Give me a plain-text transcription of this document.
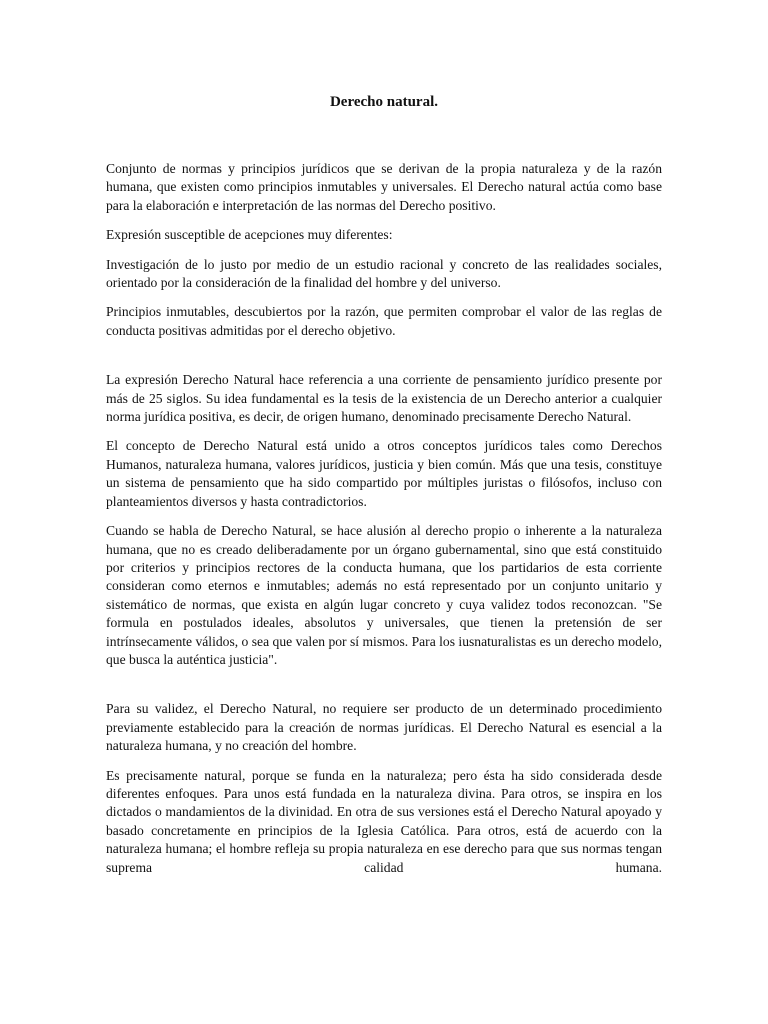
Derecho natural.

Conjunto de normas y principios jurídicos que se derivan de la propia naturaleza y de la razón humana, que existen como principios inmutables y universales. El Derecho natural actúa como base para la elaboración e interpretación de las normas del Derecho positivo.

Expresión susceptible de acepciones muy diferentes:

Investigación de lo justo por medio de un estudio racional y concreto de las realidades sociales, orientado por la consideración de la finalidad del hombre y del universo.

Principios inmutables, descubiertos por la razón, que permiten comprobar el valor de las reglas de conducta positivas admitidas por el derecho objetivo.

La expresión Derecho Natural hace referencia a una corriente de pensamiento jurídico presente por más de 25 siglos. Su idea fundamental es la tesis de la existencia de un Derecho anterior a cualquier norma jurídica positiva, es decir, de origen humano, denominado precisamente Derecho Natural.

El concepto de Derecho Natural está unido a otros conceptos jurídicos tales como Derechos Humanos, naturaleza humana, valores jurídicos, justicia y bien común. Más que una tesis, constituye un sistema de pensamiento que ha sido compartido por múltiples juristas o filósofos, incluso con planteamientos diversos y hasta contradictorios.

Cuando se habla de Derecho Natural, se hace alusión al derecho propio o inherente a la naturaleza humana, que no es creado deliberadamente por un órgano gubernamental, sino que está constituido por criterios y principios rectores de la conducta humana, que los partidarios de esta corriente consideran como eternos e inmutables; además no está representado por un conjunto unitario y sistemático de normas, que exista en algún lugar concreto y cuya validez todos reconozcan. "Se formula en postulados ideales, absolutos y universales, que tienen la pretensión de ser intrínsecamente válidos, o sea que valen por sí mismos. Para los iusnaturalistas es un derecho modelo, que busca la auténtica justicia".

Para su validez, el Derecho Natural, no requiere ser producto de un determinado procedimiento previamente establecido para la creación de normas jurídicas. El Derecho Natural es esencial a la naturaleza humana, y no creación del hombre.

Es precisamente natural, porque se funda en la naturaleza; pero ésta ha sido considerada desde diferentes enfoques. Para unos está fundada en la naturaleza divina. Para otros, se inspira en los dictados o mandamientos de la divinidad. En otra de sus versiones está el Derecho Natural apoyado y basado concretamente en principios de la Iglesia Católica. Para otros, está de acuerdo con la naturaleza humana; el hombre refleja su propia naturaleza en ese derecho para que sus normas tengan suprema calidad humana.
